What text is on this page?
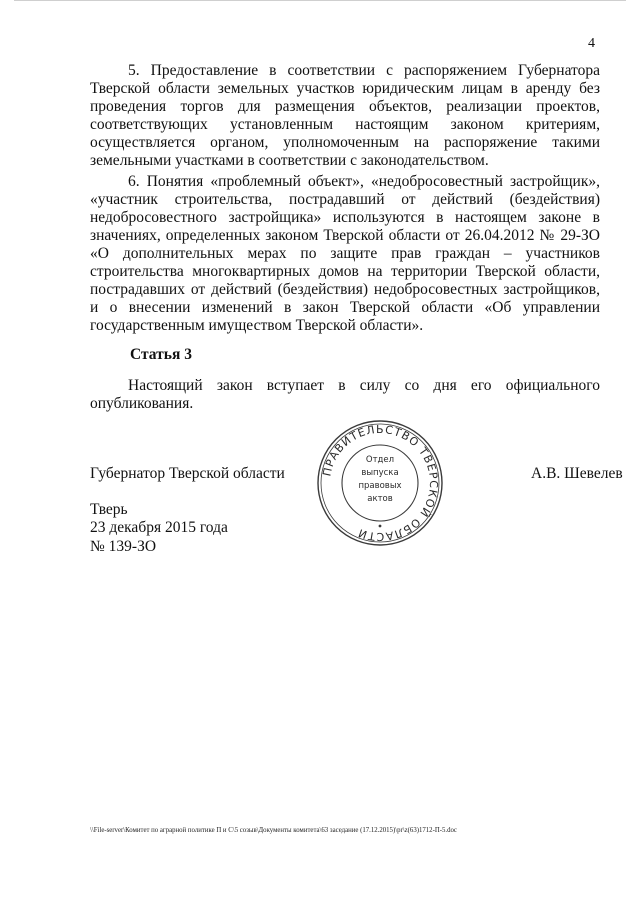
4

5. Предоставление в соответствии с распоряжением Губернатора Тверской области земельных участков юридическим лицам в аренду без проведения торгов для размещения объектов, реализации проектов, соответствующих установленным настоящим законом критериям, осуществляется органом, уполномоченным на распоряжение такими земельными участками в соответствии с законодательством.

6. Понятия «проблемный объект», «недобросовестный застройщик», «участник строительства, пострадавший от действий (бездействия) недобросовестного застройщика» используются в настоящем законе в значениях, определенных законом Тверской области от 26.04.2012 № 29-ЗО «О дополнительных мерах по защите прав граждан – участников строительства многоквартирных домов на территории Тверской области, пострадавших от действий (бездействия) недобросовестных застройщиков, и о внесении изменений в закон Тверской области «Об управлении государственным имуществом Тверской области».

Статья 3

Настоящий закон вступает в силу со дня его официального опубликования.

Губернатор Тверской области	А.В. Шевелев
ПРАВИТЕЛЬСТВО ТВЕРСКОЙ ОБЛАСТИ
Отдел
выпуска
правовых
актов
Тверь
23 декабря 2015 года
№ 139-ЗО
\\File-server\Комитет по аграрной политике П и С\5 созыв\Документы комитета\63 заседание (17.12.2015)\pr\z(63)1712-П-5.doc
